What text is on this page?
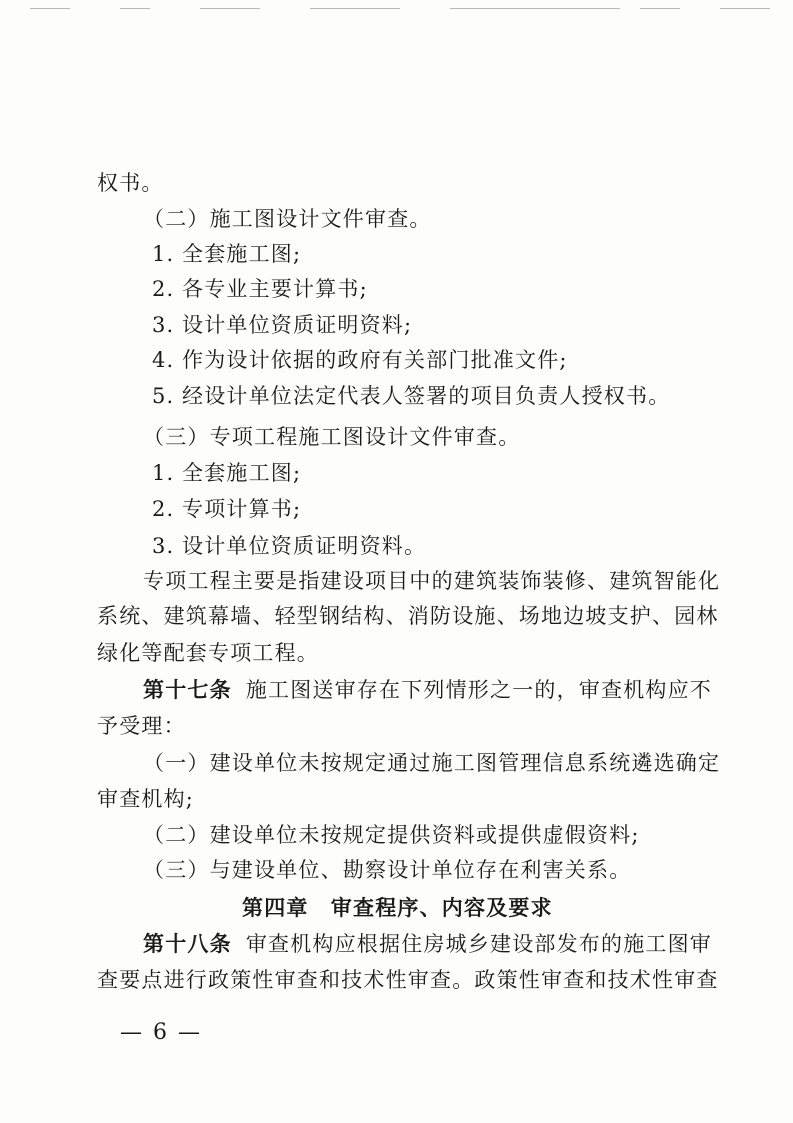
权书。
（二）施工图设计文件审查。
1. 全套施工图;
2. 各专业主要计算书;
3. 设计单位资质证明资料;
4. 作为设计依据的政府有关部门批准文件;
5. 经设计单位法定代表人签署的项目负责人授权书。
（三）专项工程施工图设计文件审查。
1. 全套施工图;
2. 专项计算书;
3. 设计单位资质证明资料。
专项工程主要是指建设项目中的建筑装饰装修、建筑智能化
系统、建筑幕墙、轻型钢结构、消防设施、场地边坡支护、园林
绿化等配套专项工程。
第十七条 施工图送审存在下列情形之一的，审查机构应不
予受理：
（一）建设单位未按规定通过施工图管理信息系统遴选确定
审查机构;
（二）建设单位未按规定提供资料或提供虚假资料;
（三）与建设单位、勘察设计单位存在利害关系。
第四章　审查程序、内容及要求
第十八条 审查机构应根据住房城乡建设部发布的施工图审
查要点进行政策性审查和技术性审查。政策性审查和技术性审查
— 6 —
